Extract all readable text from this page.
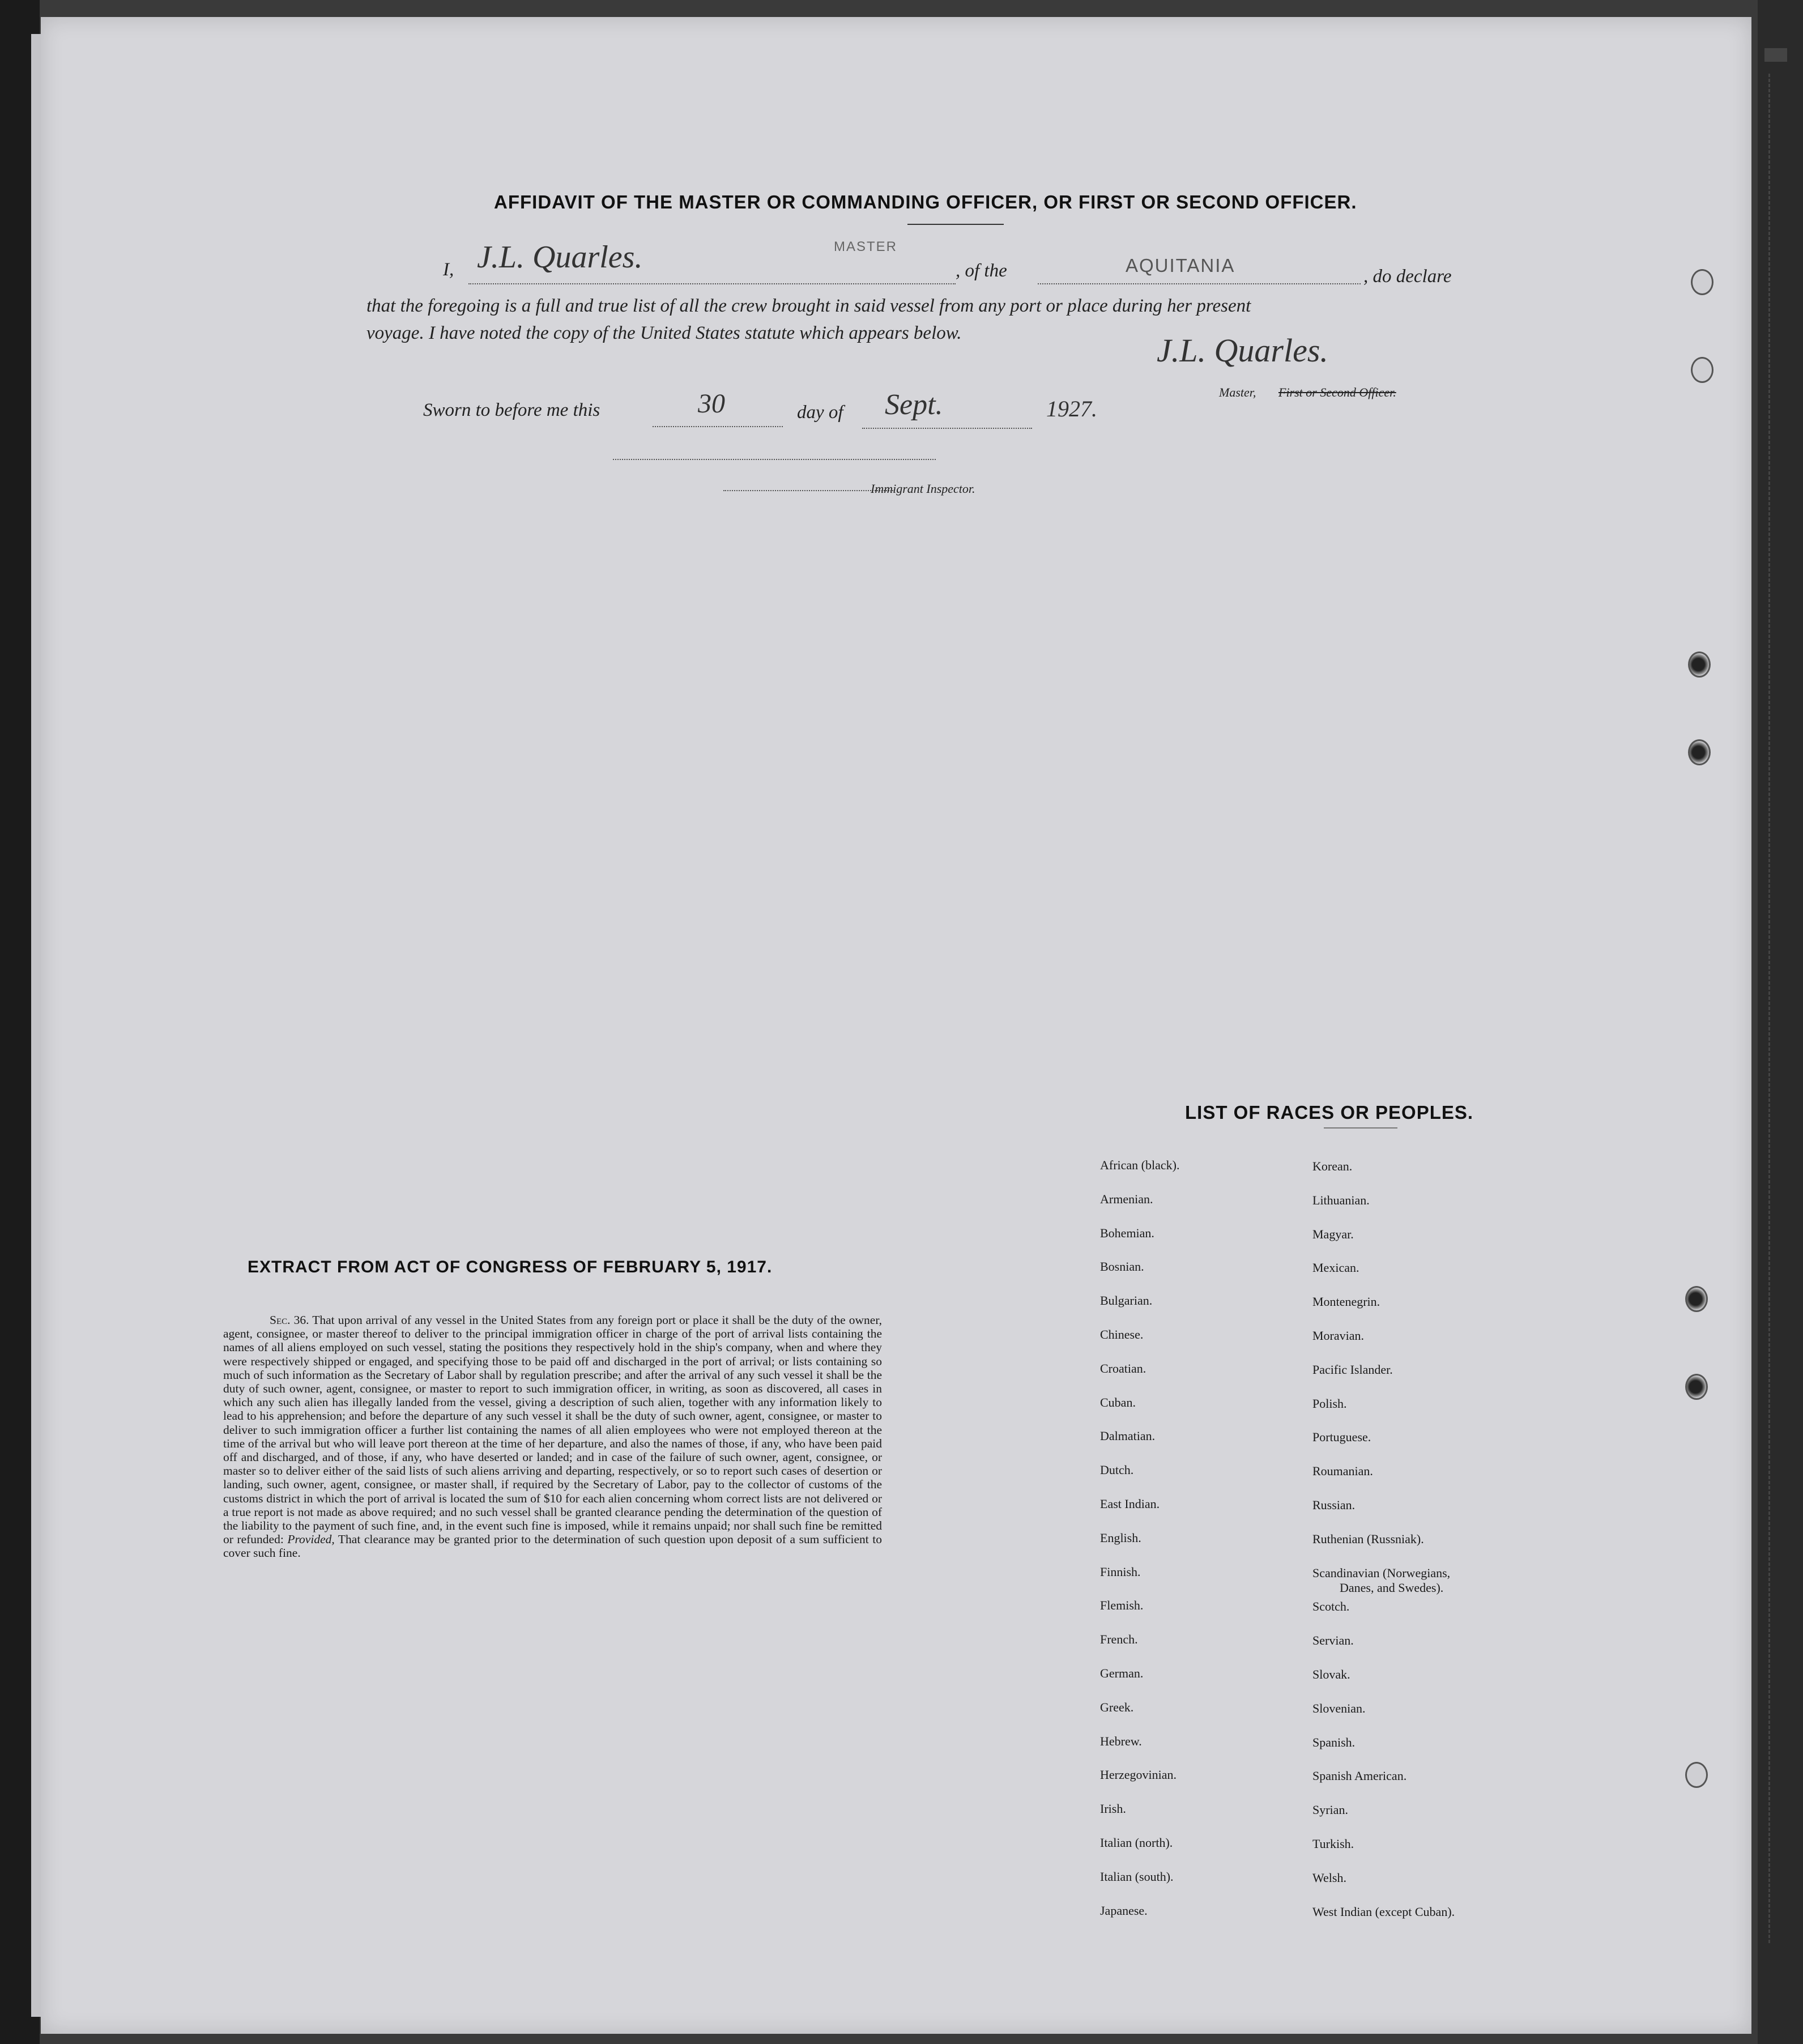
AFFIDAVIT OF THE MASTER OR COMMANDING OFFICER, OR FIRST OR SECOND OFFICER.
I, J.L. Quarles.	MASTER
, of the	AQUITANIA
, do declare
that the foregoing is a full and true list of all the crew brought in said vessel from any port or place during her present
voyage. I have noted the copy of the United States statute which appears below.	J.L. Quarles.
Master, First or Second Officer.
Sworn to before me this	30	day of Sept.	1927.
Immigrant Inspector.
EXTRACT FROM ACT OF CONGRESS OF FEBRUARY 5, 1917.
Sec. 36. That upon arrival of any vessel in the United States from any foreign port or place it shall be the duty of the owner, agent, consignee, or master thereof to deliver to the principal immigration officer in charge of the port of arrival lists containing the names of all aliens employed on such vessel, stating the positions they respectively hold in the ship's company, when and where they were respectively shipped or engaged, and specifying those to be paid off and discharged in the port of arrival; or lists containing so much of such information as the Secretary of Labor shall by regulation prescribe; and after the arrival of any such vessel it shall be the duty of such owner, agent, consignee, or master to report to such immigration officer, in writing, as soon as discovered, all cases in which any such alien has illegally landed from the vessel, giving a description of such alien, together with any information likely to lead to his apprehension; and before the departure of any such vessel it shall be the duty of such owner, agent, consignee, or master to deliver to such immigration officer a further list containing the names of all alien employees who were not employed thereon at the time of the arrival but who will leave port thereon at the time of her departure, and also the names of those, if any, who have been paid off and discharged, and of those, if any, who have deserted or landed; and in case of the failure of such owner, agent, consignee, or master so to deliver either of the said lists of such aliens arriving and departing, respectively, or so to report such cases of desertion or landing, such owner, agent, consignee, or master shall, if required by the Secretary of Labor, pay to the collector of customs of the customs district in which the port of arrival is located the sum of $10 for each alien concerning whom correct lists are not delivered or a true report is not made as above required; and no such vessel shall be granted clearance pending the determination of the question of the liability to the payment of such fine, and, in the event such fine is imposed, while it remains unpaid; nor shall such fine be remitted or refunded: Provided, That clearance may be granted prior to the determination of such question upon deposit of a sum sufficient to cover such fine.
LIST OF RACES OR PEOPLES.
African (black).
Armenian.
Bohemian.
Bosnian.
Bulgarian.
Chinese.
Croatian.
Cuban.
Dalmatian.
Dutch.
East Indian.
English.
Finnish.
Flemish.
French.
German.
Greek.
Hebrew.
Herzegovinian.
Irish.
Italian (north).
Italian (south).
Japanese.
Korean.
Lithuanian.
Magyar.
Mexican.
Montenegrin.
Moravian.
Pacific Islander.
Polish.
Portuguese.
Roumanian.
Russian.
Ruthenian (Russniak).
Scandinavian (Norwegians,
Danes, and Swedes).
Scotch.
Servian.
Slovak.
Slovenian.
Spanish.
Spanish American.
Syrian.
Turkish.
Welsh.
West Indian (except Cuban).
